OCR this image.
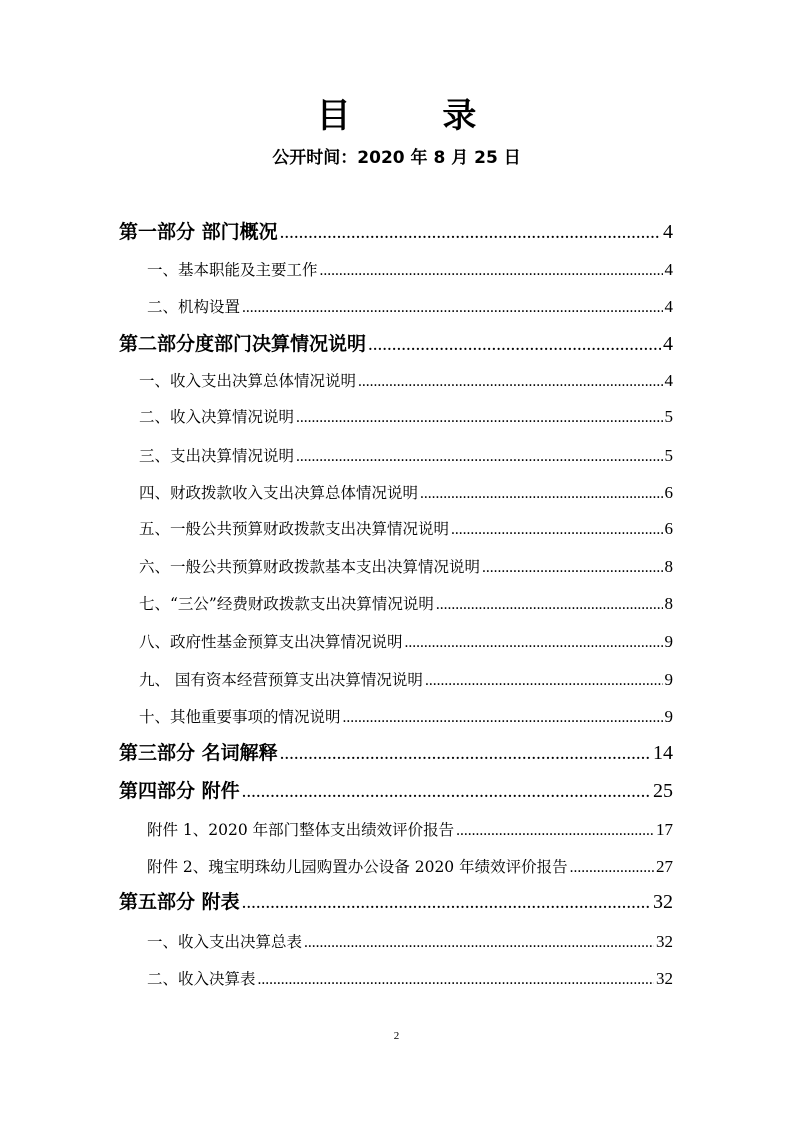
目 录
公开时间：2020 年 8 月 25 日
第一部分 部门概况 .....	4
一、基本职能及主要工作 .....	4
二、机构设置 .....	4
第二部分度部门决算情况说明 .....	4
一、收入支出决算总体情况说明 .....	4
二、收入决算情况说明 .....	5
三、支出决算情况说明 .....	5
四、财政拨款收入支出决算总体情况说明 .....	6
五、一般公共预算财政拨款支出决算情况说明 .....	6
六、一般公共预算财政拨款基本支出决算情况说明 .....	8
七、“三公”经费财政拨款支出决算情况说明 .....	8
八、政府性基金预算支出决算情况说明 .....	9
九、 国有资本经营预算支出决算情况说明 .....	9
十、其他重要事项的情况说明 .....	9
第三部分 名词解释 .....	14
第四部分 附件 .....	25
附件 1、2020 年部门整体支出绩效评价报告 .....	17
附件 2、瑰宝明珠幼儿园购置办公设备 2020 年绩效评价报告 .....	27
第五部分 附表 .....	32
一、收入支出决算总表 .....	32
二、收入决算表 .....	32
2
